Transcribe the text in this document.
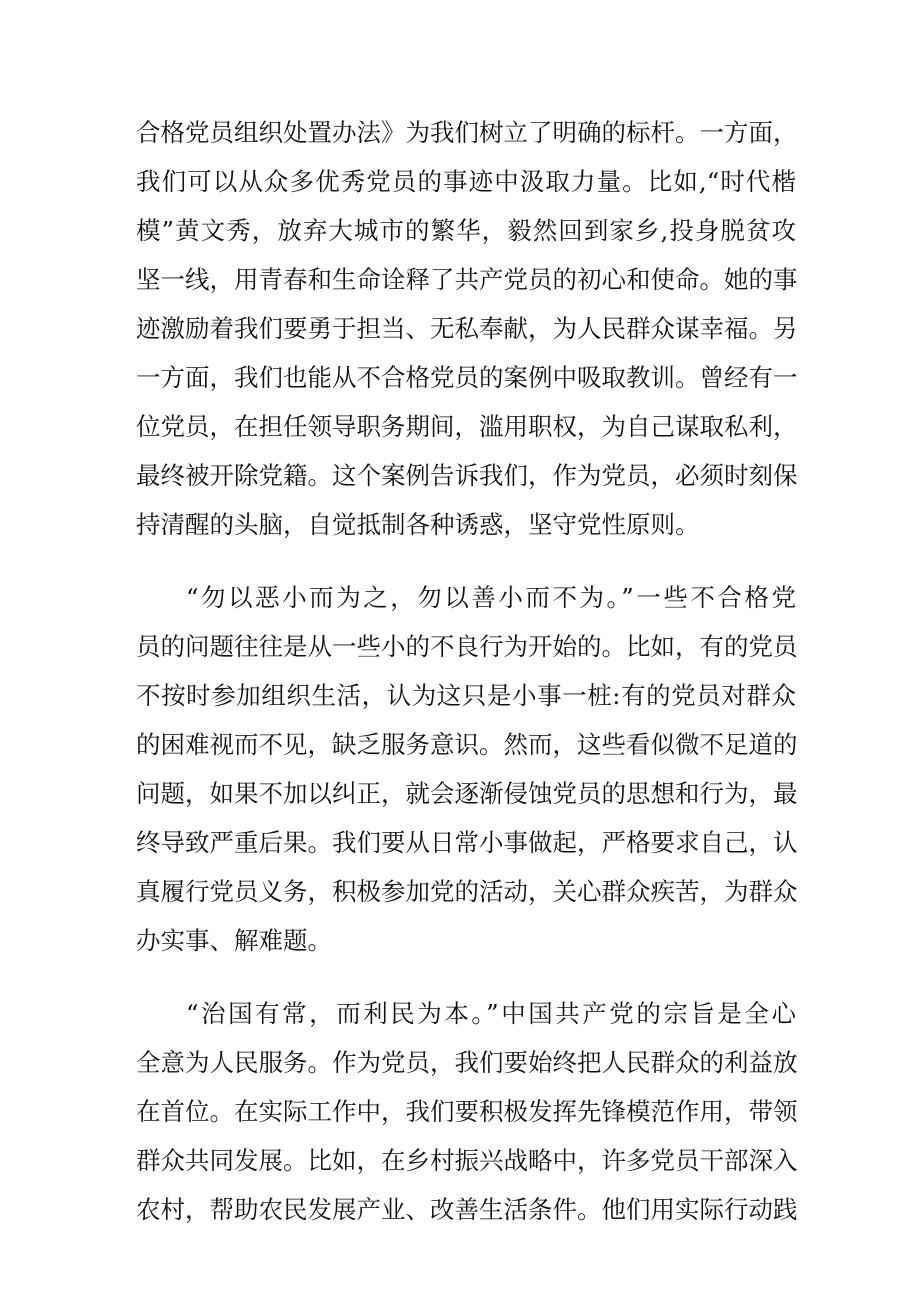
合格党员组织处置办法》为我们树立了明确的标杆。一方面，
我们可以从众多优秀党员的事迹中汲取力量。比如,“时代楷
模”黄文秀，放弃大城市的繁华，毅然回到家乡,投身脱贫攻
坚一线，用青春和生命诠释了共产党员的初心和使命。她的事
迹激励着我们要勇于担当、无私奉献，为人民群众谋幸福。另
一方面，我们也能从不合格党员的案例中吸取教训。曾经有一
位党员，在担任领导职务期间，滥用职权，为自己谋取私利，
最终被开除党籍。这个案例告诉我们，作为党员，必须时刻保
持清醒的头脑，自觉抵制各种诱惑，坚守党性原则。
“勿以恶小而为之，勿以善小而不为。”一些不合格党
员的问题往往是从一些小的不良行为开始的。比如，有的党员
不按时参加组织生活，认为这只是小事一桩:有的党员对群众
的困难视而不见，缺乏服务意识。然而，这些看似微不足道的
问题，如果不加以纠正，就会逐渐侵蚀党员的思想和行为，最
终导致严重后果。我们要从日常小事做起，严格要求自己，认
真履行党员义务，积极参加党的活动，关心群众疾苦，为群众
办实事、解难题。
“治国有常，而利民为本。”中国共产党的宗旨是全心
全意为人民服务。作为党员，我们要始终把人民群众的利益放
在首位。在实际工作中，我们要积极发挥先锋模范作用，带领
群众共同发展。比如，在乡村振兴战略中，许多党员干部深入
农村，帮助农民发展产业、改善生活条件。他们用实际行动践
